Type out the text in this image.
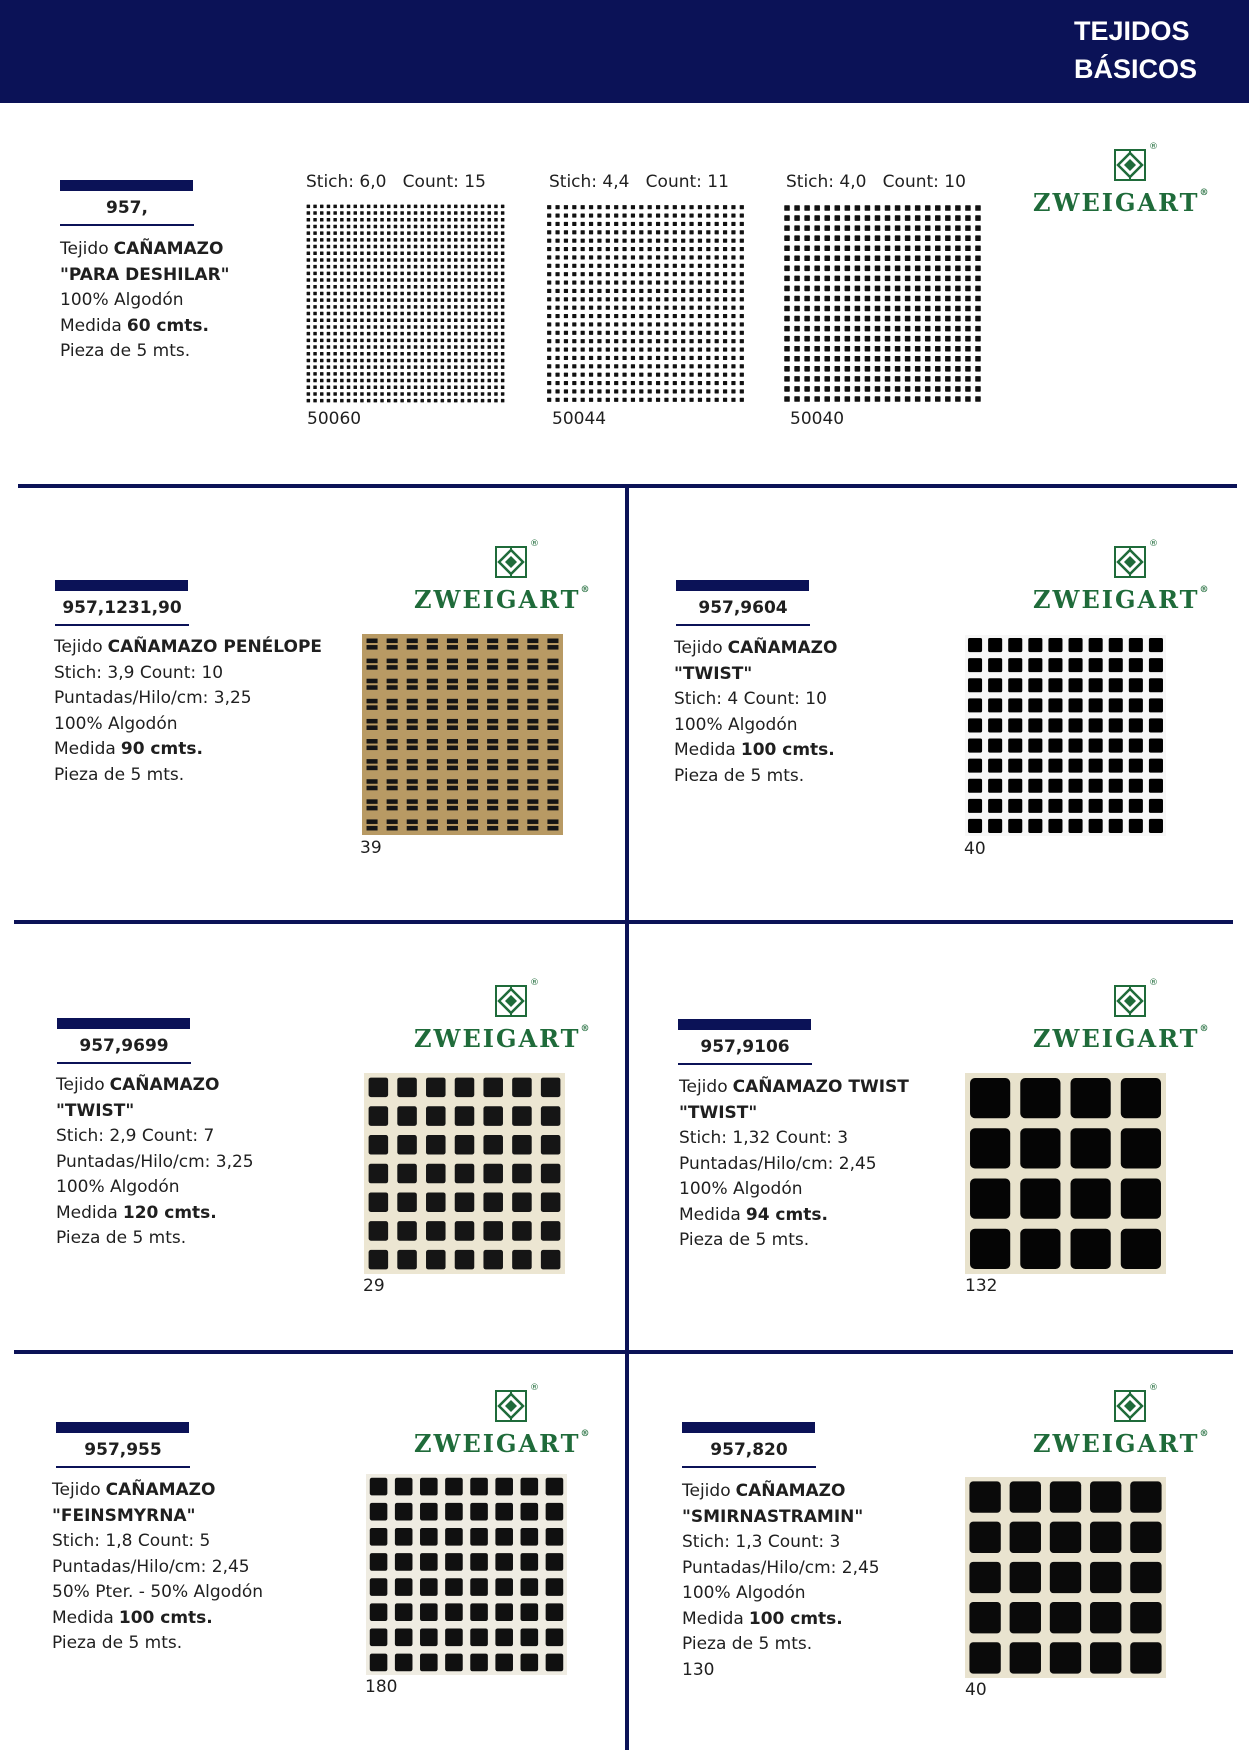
TEJIDOS
BÁSICOS
957,
Tejido CAÑAMAZO
"PARA DESHILAR"
100% Algodón
Medida 60 cmts.
Pieza de 5 mts.
Stich: 6,0   Count: 15	Stich: 4,4   Count: 11	Stich: 4,0   Count: 10
50060	50044	50040
®
ZWEIGART®
957,1231,90
Tejido CAÑAMAZO PENÉLOPE
Stich: 3,9 Count: 10
Puntadas/Hilo/cm: 3,25
100% Algodón
Medida 90 cmts.
Pieza de 5 mts.
®
ZWEIGART®
39
957,9604
Tejido CAÑAMAZO
"TWIST"
Stich: 4 Count: 10
100% Algodón
Medida 100 cmts.
Pieza de 5 mts.
®
ZWEIGART®
40
957,9699
Tejido CAÑAMAZO
"TWIST"
Stich: 2,9 Count: 7
Puntadas/Hilo/cm: 3,25
100% Algodón
Medida 120 cmts.
Pieza de 5 mts.
®
ZWEIGART®
29
957,9106
Tejido CAÑAMAZO TWIST
"TWIST"
Stich: 1,32 Count: 3
Puntadas/Hilo/cm: 2,45
100% Algodón
Medida 94 cmts.
Pieza de 5 mts.
®
ZWEIGART®
132
957,955
Tejido CAÑAMAZO
"FEINSMYRNA"
Stich: 1,8 Count: 5
Puntadas/Hilo/cm: 2,45
50% Pter. - 50% Algodón
Medida 100 cmts.
Pieza de 5 mts.
®
ZWEIGART®
180
957,820
Tejido CAÑAMAZO
"SMIRNASTRAMIN"
Stich: 1,3 Count: 3
Puntadas/Hilo/cm: 2,45
100% Algodón
Medida 100 cmts.
Pieza de 5 mts.
130
®
ZWEIGART®
40
